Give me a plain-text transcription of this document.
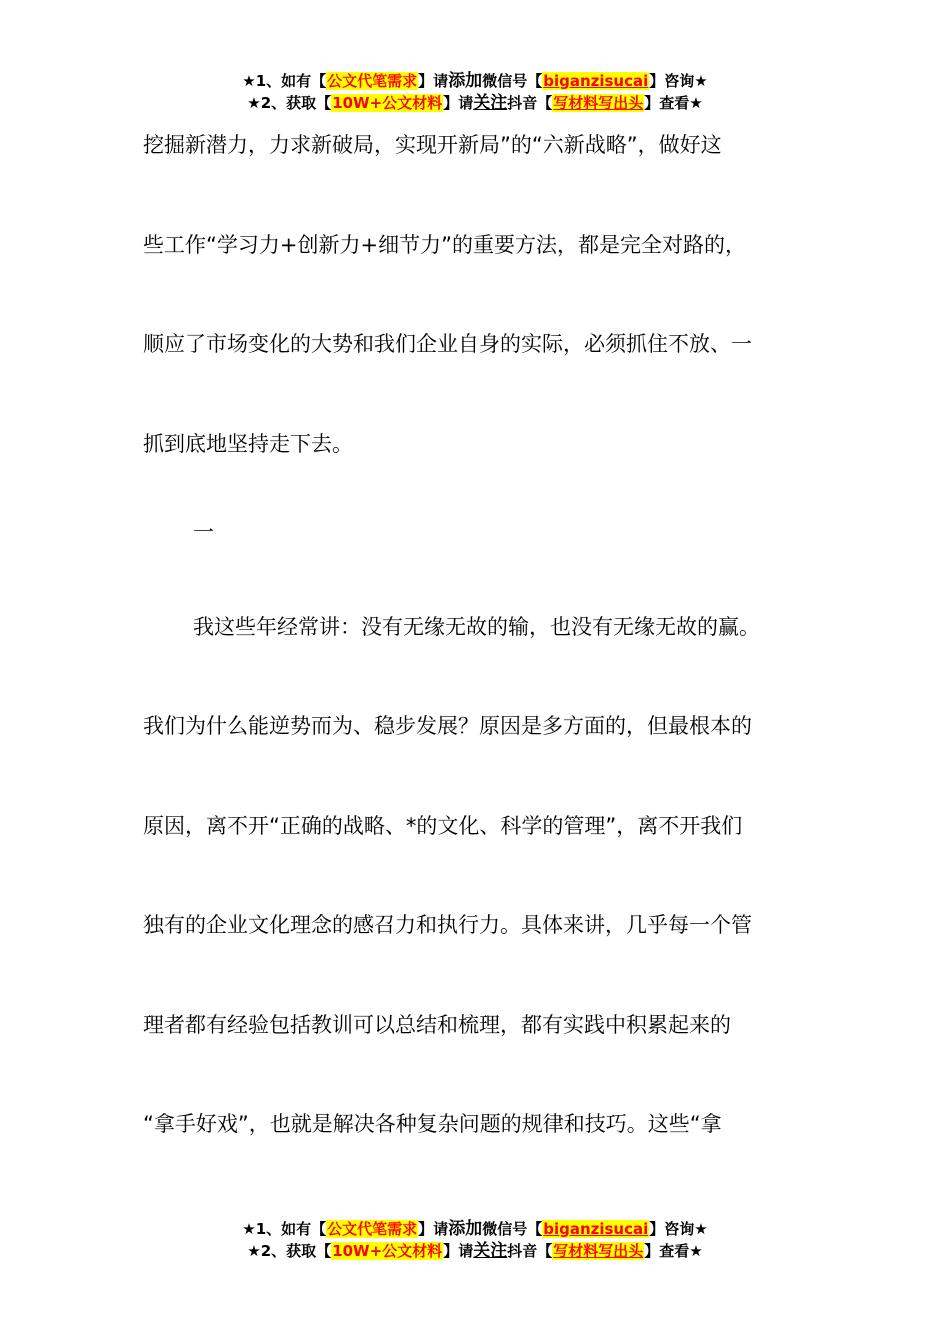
★1、如有【公文代笔需求】请添加微信号【biganzisucai】咨询★
★2、获取【10W+公文材料】请关注抖音【写材料写出头】查看★
挖掘新潜力，力求新破局，实现开新局”的“六新战略”，做好这
些工作“学习力+创新力+细节力”的重要方法，都是完全对路的，
顺应了市场变化的大势和我们企业自身的实际，必须抓住不放、一
抓到底地坚持走下去。
一
我这些年经常讲：没有无缘无故的输，也没有无缘无故的赢。
我们为什么能逆势而为、稳步发展？原因是多方面的，但最根本的
原因，离不开“正确的战略、*的文化、科学的管理”，离不开我们
独有的企业文化理念的感召力和执行力。具体来讲，几乎每一个管
理者都有经验包括教训可以总结和梳理，都有实践中积累起来的
“拿手好戏”，也就是解决各种复杂问题的规律和技巧。这些“拿
★1、如有【公文代笔需求】请添加微信号【biganzisucai】咨询★
★2、获取【10W+公文材料】请关注抖音【写材料写出头】查看★
